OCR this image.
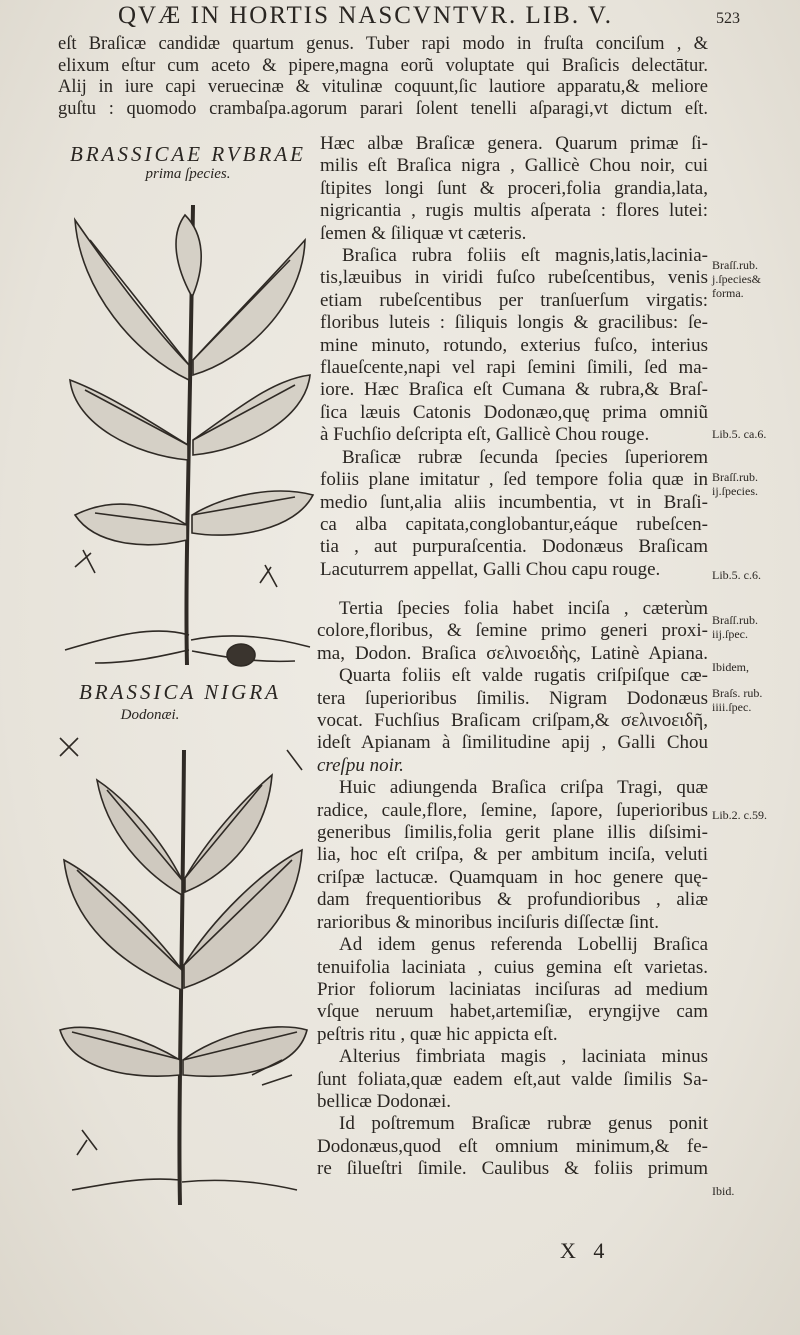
QVÆ IN HORTIS NASCVNTVR. LIB. V.	523
eſt Braſicæ candidæ quartum genus. Tuber rapi modo in fruſta conciſum , &
elixum eſtur cum aceto & pipere,magna eorũ voluptate qui Braſicis delectātur.
Alij in iure capi veruecinæ & vitulinæ coquunt,ſic lautiore apparatu,& meliore
guſtu : quomodo crambaſpa.agorum parari ſolent tenelli aſparagi,vt dictum eſt.
BRASSICAE RVBRAE
prima ſpecies.
BRASSICA NIGRA
Dodonæi.
Hæc albæ Braſicæ genera. Quarum primæ ſi-
milis eſt Braſica nigra , Gallicè Chou noir, cui
ſtipites longi ſunt & proceri,folia grandia,lata,
nigricantia , rugis multis aſperata : flores lutei:
ſemen & ſiliquæ vt cæteris.
Braſica rubra foliis eſt magnis,latis,lacinia-
tis,læuibus in viridi fuſco rubeſcentibus, venis
etiam rubeſcentibus per tranſuerſum virgatis:
floribus luteis : ſiliquis longis & gracilibus: ſe-
mine minuto, rotundo, exterius fuſco, interius
flaueſcente,napi vel rapi ſemini ſimili, ſed ma-
iore. Hæc Braſica eſt Cumana & rubra,& Braſ-
ſica læuis Catonis Dodonæo,quę prima omniũ
à Fuchſio deſcripta eſt, Gallicè Chou rouge.
Braſicæ rubræ ſecunda ſpecies ſuperiorem
foliis plane imitatur , ſed tempore folia quæ in
medio ſunt,alia aliis incumbentia, vt in Braſi-
ca alba capitata,conglobantur,eáque rubeſcen-
tia , aut purpuraſcentia. Dodonæus Braſicam
Lacuturrem appellat, Galli Chou capu rouge.
Tertia ſpecies folia habet inciſa , cæterùm
colore,floribus, & ſemine primo generi proxi-
ma, Dodon. Braſica σελινοειδὴς, Latinè Apiana.
Quarta foliis eſt valde rugatis criſpiſque cæ-
tera ſuperioribus ſimilis. Nigram Dodonæus
vocat. Fuchſius Braſicam criſpam,& σελινοειδῆ,
ideſt Apianam à ſimilitudine apij , Galli Chou
creſpu noir.
Huic adiungenda Braſica criſpa Tragi, quæ
radice, caule,flore, ſemine, ſapore, ſuperioribus
generibus ſimilis,folia gerit plane illis diſsimi-
lia, hoc eſt criſpa, & per ambitum inciſa, veluti
criſpæ lactucæ. Quamquam in hoc genere quę-
dam frequentioribus & profundioribus , aliæ
rarioribus & minoribus inciſuris diſſectæ ſint.
Ad idem genus referenda Lobellij Braſica
tenuifolia laciniata , cuius gemina eſt varietas.
Prior foliorum laciniatas inciſuras ad medium
vſque neruum habet,artemiſiæ, eryngijve cam
peſtris ritu , quæ hic appicta eſt.
Alterius fimbriata magis , laciniata minus
ſunt foliata,quæ eadem eſt,aut valde ſimilis Sa-
bellicæ Dodonæi.
Id poſtremum Braſicæ rubræ genus ponit
Dodonæus,quod eſt omnium minimum,& fe-
re ſilueſtri ſimile. Caulibus & foliis primum
Braſſ.rub. j.ſpecies& forma.
Lib.5. ca.6.
Braſſ.rub. ij.ſpecies.
Lib.5. c.6.
Braſſ.rub. iij.ſpec.
Ibidem,
Braſs. rub. iiii.ſpec.
Lib.2. c.59.
Ibid.
X 4
